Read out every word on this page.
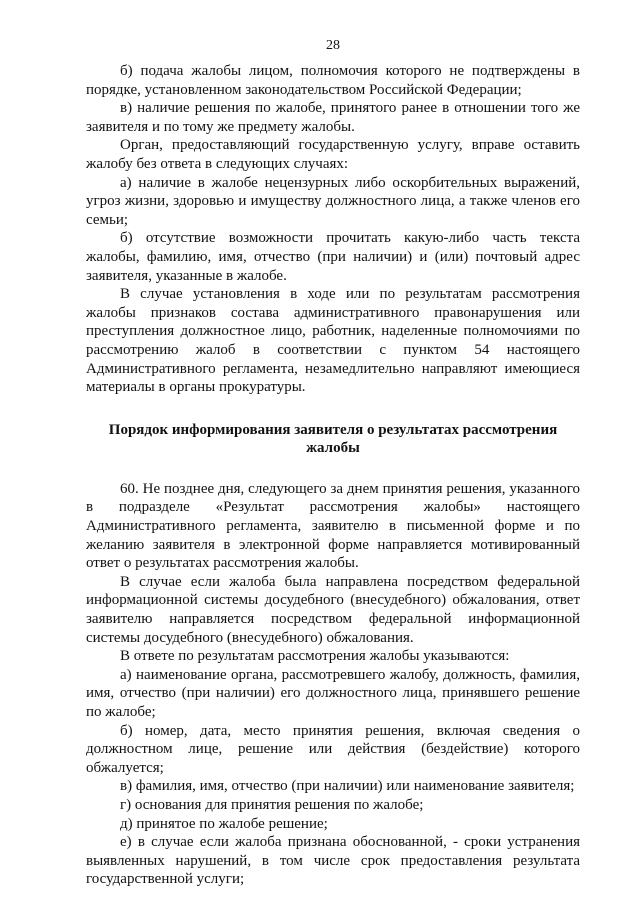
28

б) подача жалобы лицом, полномочия которого не подтверждены в порядке, установленном законодательством Российской Федерации;

в) наличие решения по жалобе, принятого ранее в отношении того же заявителя и по тому же предмету жалобы.

Орган, предоставляющий государственную услугу, вправе оставить жалобу без ответа в следующих случаях:

а) наличие в жалобе нецензурных либо оскорбительных выражений, угроз жизни, здоровью и имуществу должностного лица, а также членов его семьи;

б) отсутствие возможности прочитать какую-либо часть текста жалобы, фамилию, имя, отчество (при наличии) и (или) почтовый адрес заявителя, указанные в жалобе.

В случае установления в ходе или по результатам рассмотрения жалобы признаков состава административного правонарушения или преступления должностное лицо, работник, наделенные полномочиями по рассмотрению жалоб в соответствии с пунктом 54 настоящего Административного регламента, незамедлительно направляют имеющиеся материалы в органы прокуратуры.

Порядок информирования заявителя о результатах рассмотрения жалобы

60. Не позднее дня, следующего за днем принятия решения, указанного в подразделе «Результат рассмотрения жалобы» настоящего Административного регламента, заявителю в письменной форме и по желанию заявителя в электронной форме направляется мотивированный ответ о результатах рассмотрения жалобы.

В случае если жалоба была направлена посредством федеральной информационной системы досудебного (внесудебного) обжалования, ответ заявителю направляется посредством федеральной информационной системы досудебного (внесудебного) обжалования.

В ответе по результатам рассмотрения жалобы указываются:

а) наименование органа, рассмотревшего жалобу, должность, фамилия, имя, отчество (при наличии) его должностного лица, принявшего решение по жалобе;

б) номер, дата, место принятия решения, включая сведения о должностном лице, решение или действия (бездействие) которого обжалуется;

в) фамилия, имя, отчество (при наличии) или наименование заявителя;

г) основания для принятия решения по жалобе;

д) принятое по жалобе решение;

е) в случае если жалоба признана обоснованной, - сроки устранения выявленных нарушений, в том числе срок предоставления результата государственной услуги;
